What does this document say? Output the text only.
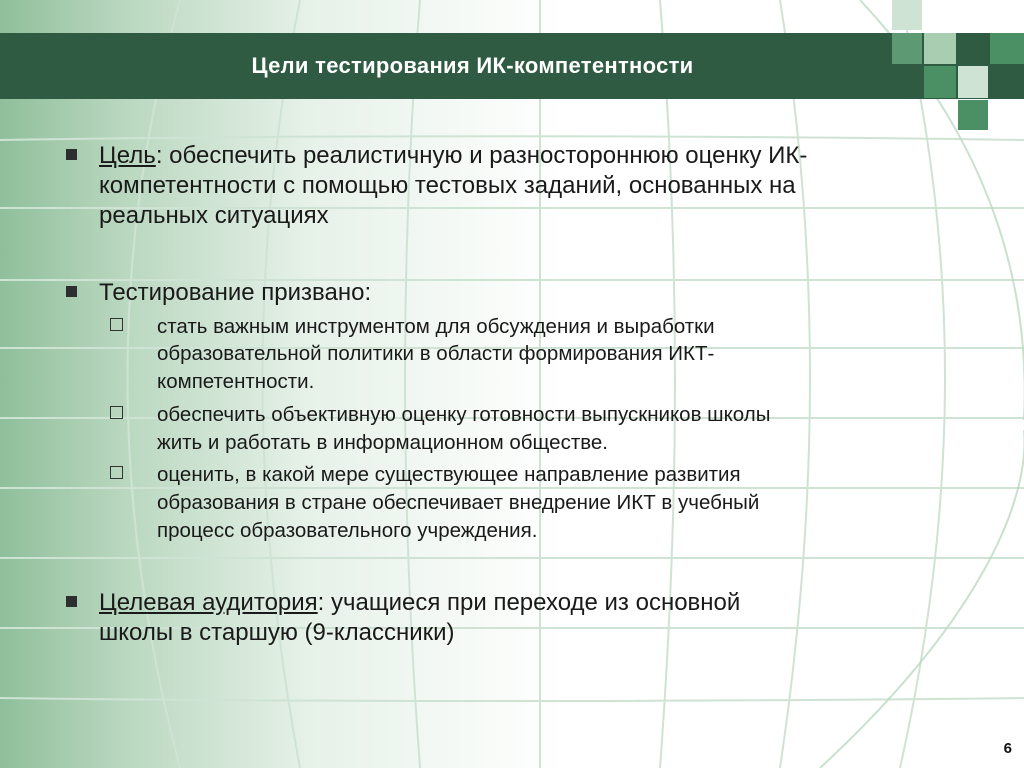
Цели тестирования ИК-компетентности
Цель: обеспечить реалистичную и разностороннюю оценку ИК-
компетентности с помощью тестовых заданий, основанных на
реальных ситуациях
Тестирование призвано:
стать важным инструментом для обсуждения и выработки
образовательной политики в области формирования ИКТ-
компетентности.
обеспечить объективную оценку готовности выпускников школы
жить и работать в информационном обществе.
оценить, в какой мере существующее направление развития
образования в стране обеспечивает внедрение ИКТ в учебный
процесс образовательного учреждения.
Целевая аудитория: учащиеся при переходе из основной
школы в старшую (9-классники)
6
